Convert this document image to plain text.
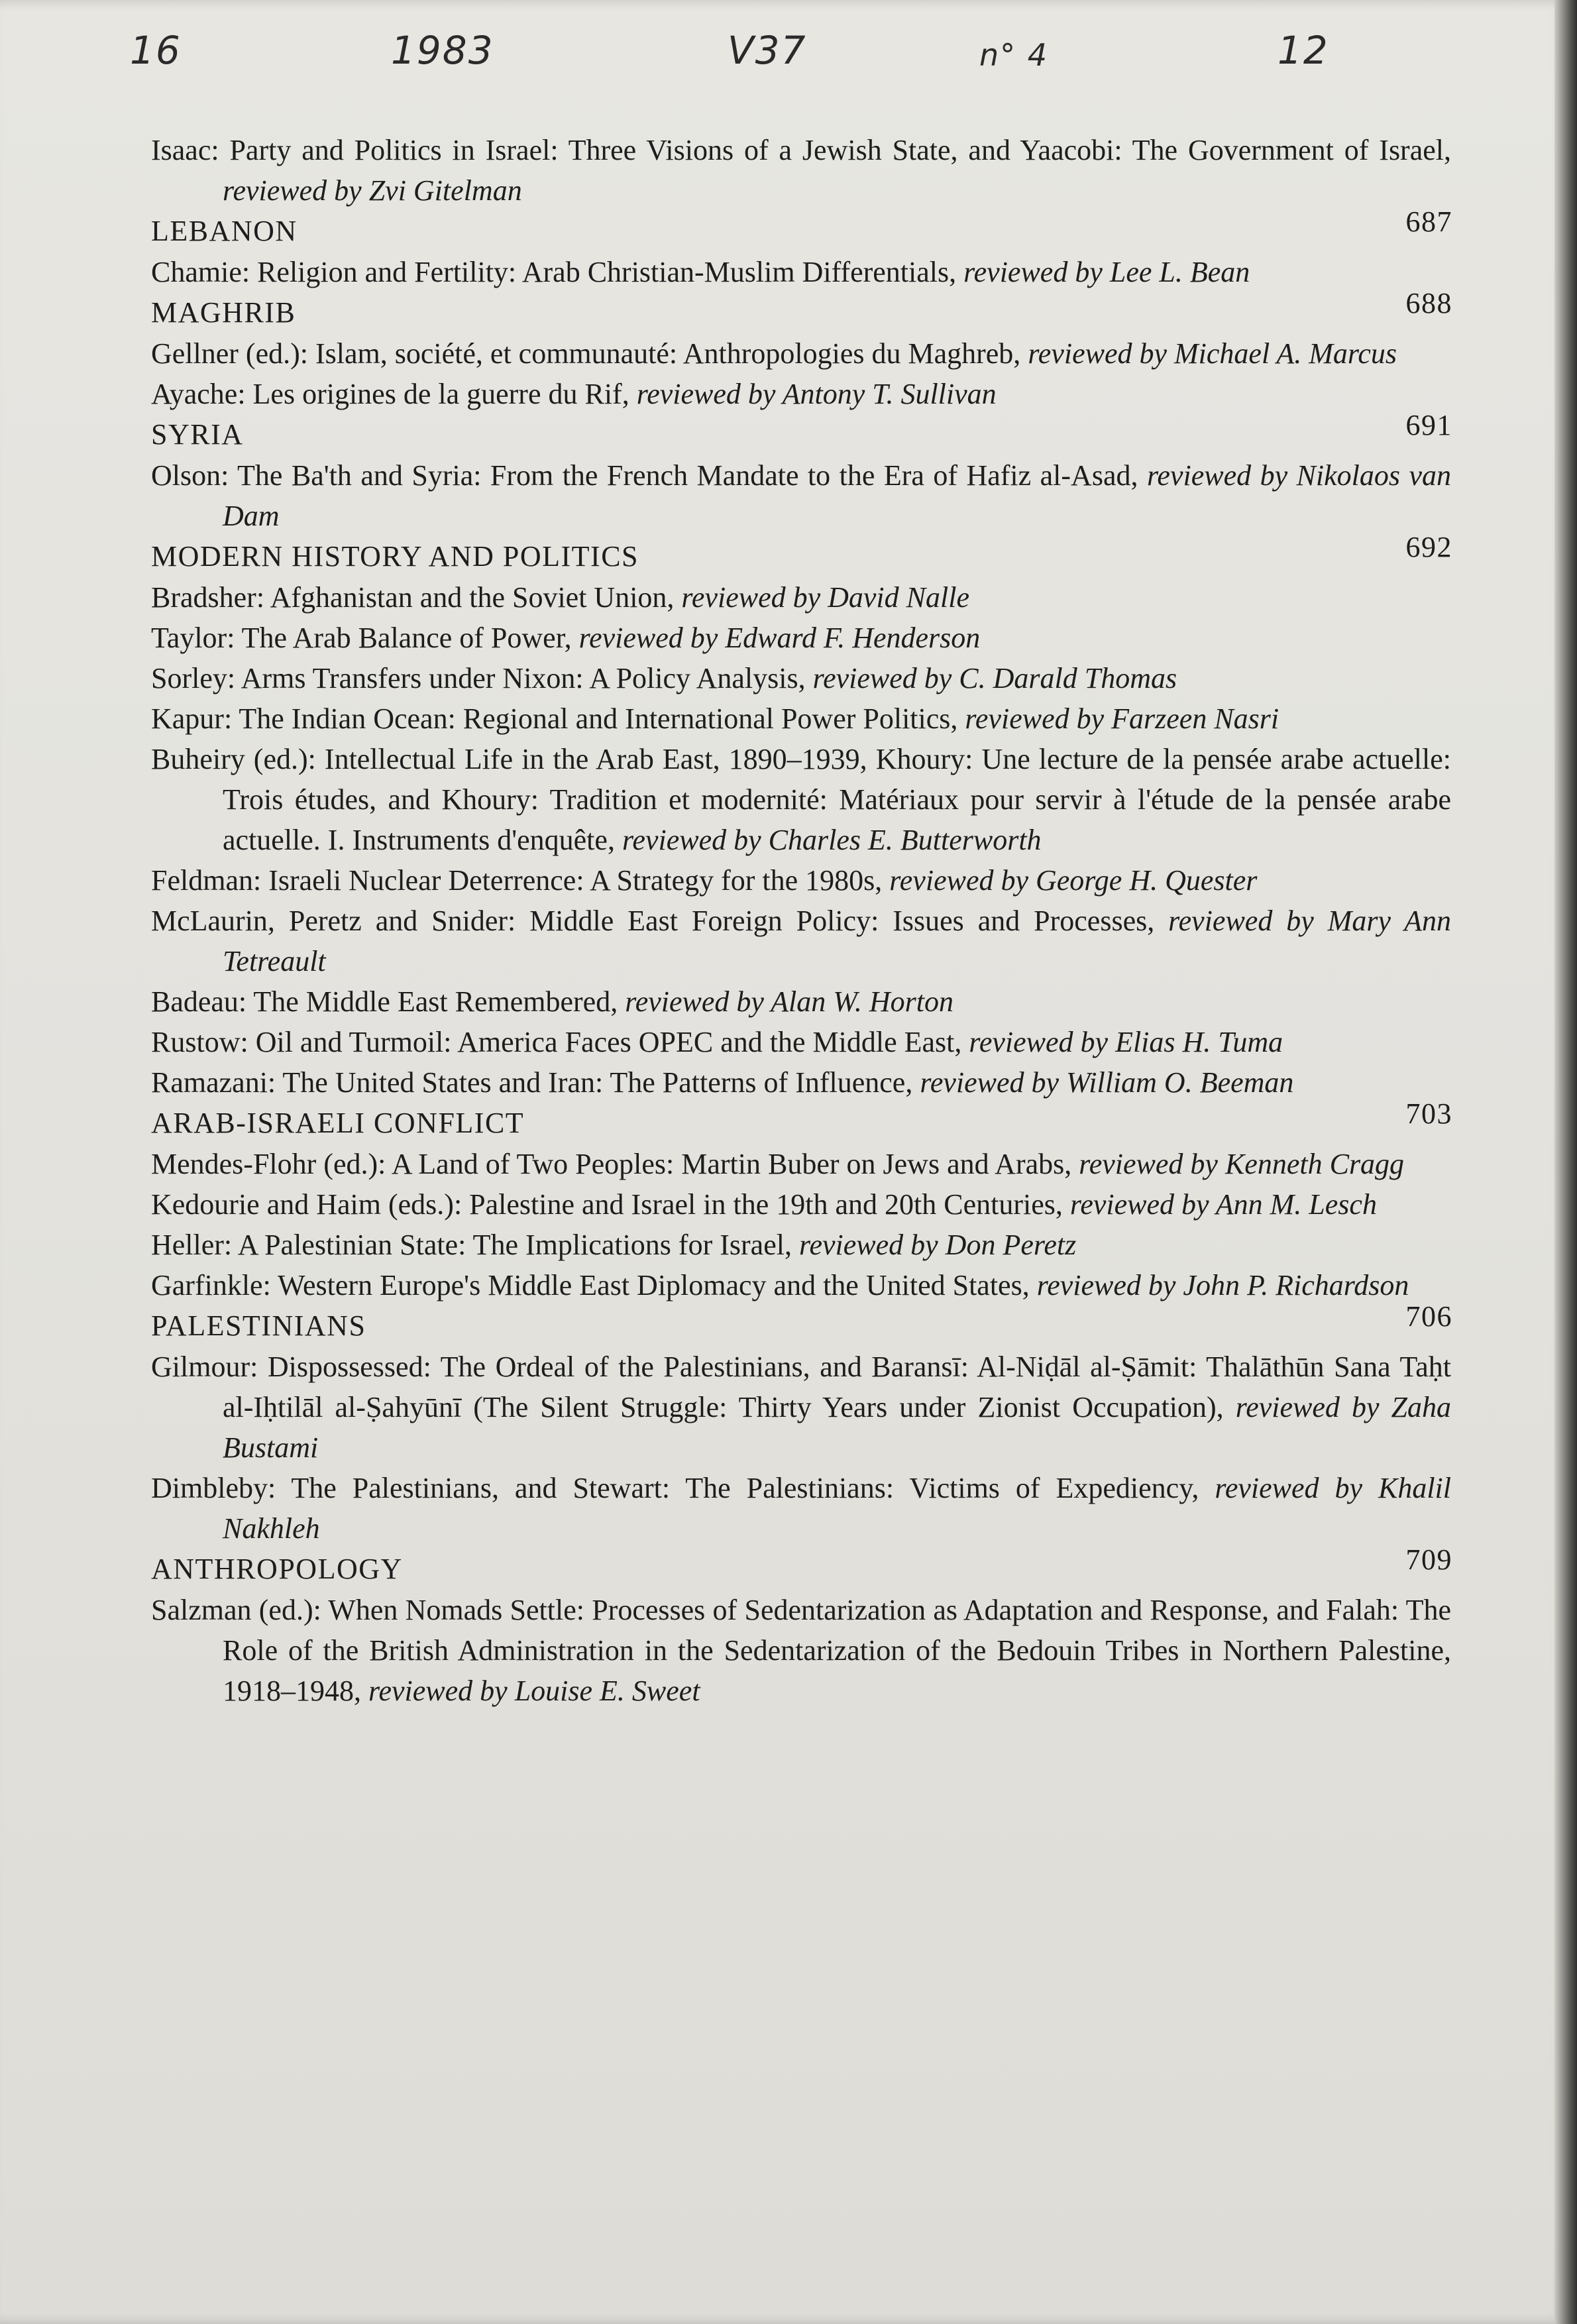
16	1983	V37	n° 4	12

Isaac: Party and Politics in Israel: Three Visions of a Jewish State, and Yaacobi: The Government of Israel, reviewed by Zvi Gitelman

LEBANON	687

Chamie: Religion and Fertility: Arab Christian-Muslim Differentials, reviewed by Lee L. Bean

MAGHRIB	688

Gellner (ed.): Islam, société, et communauté: Anthropologies du Maghreb, reviewed by Michael A. Marcus

Ayache: Les origines de la guerre du Rif, reviewed by Antony T. Sullivan

SYRIA	691

Olson: The Ba'th and Syria: From the French Mandate to the Era of Hafiz al-Asad, reviewed by Nikolaos van Dam

MODERN HISTORY AND POLITICS	692

Bradsher: Afghanistan and the Soviet Union, reviewed by David Nalle

Taylor: The Arab Balance of Power, reviewed by Edward F. Henderson

Sorley: Arms Transfers under Nixon: A Policy Analysis, reviewed by C. Darald Thomas

Kapur: The Indian Ocean: Regional and International Power Politics, reviewed by Farzeen Nasri

Buheiry (ed.): Intellectual Life in the Arab East, 1890–1939, Khoury: Une lecture de la pensée arabe actuelle: Trois études, and Khoury: Tradition et modernité: Matériaux pour servir à l'étude de la pensée arabe actuelle. I. Instruments d'enquête, reviewed by Charles E. Butterworth

Feldman: Israeli Nuclear Deterrence: A Strategy for the 1980s, reviewed by George H. Quester

McLaurin, Peretz and Snider: Middle East Foreign Policy: Issues and Processes, reviewed by Mary Ann Tetreault

Badeau: The Middle East Remembered, reviewed by Alan W. Horton

Rustow: Oil and Turmoil: America Faces OPEC and the Middle East, reviewed by Elias H. Tuma

Ramazani: The United States and Iran: The Patterns of Influence, reviewed by William O. Beeman

ARAB-ISRAELI CONFLICT	703

Mendes-Flohr (ed.): A Land of Two Peoples: Martin Buber on Jews and Arabs, reviewed by Kenneth Cragg

Kedourie and Haim (eds.): Palestine and Israel in the 19th and 20th Centuries, reviewed by Ann M. Lesch

Heller: A Palestinian State: The Implications for Israel, reviewed by Don Peretz

Garfinkle: Western Europe's Middle East Diplomacy and the United States, reviewed by John P. Richardson

PALESTINIANS	706

Gilmour: Dispossessed: The Ordeal of the Palestinians, and Baransī: Al-Niḍāl al-Ṣāmit: Thalāthūn Sana Taḥt al-Iḥtilāl al-Ṣahyūnī (The Silent Struggle: Thirty Years under Zionist Occupation), reviewed by Zaha Bustami

Dimbleby: The Palestinians, and Stewart: The Palestinians: Victims of Expediency, reviewed by Khalil Nakhleh

ANTHROPOLOGY	709

Salzman (ed.): When Nomads Settle: Processes of Sedentarization as Adaptation and Response, and Falah: The Role of the British Administration in the Sedentarization of the Bedouin Tribes in Northern Palestine, 1918–1948, reviewed by Louise E. Sweet
